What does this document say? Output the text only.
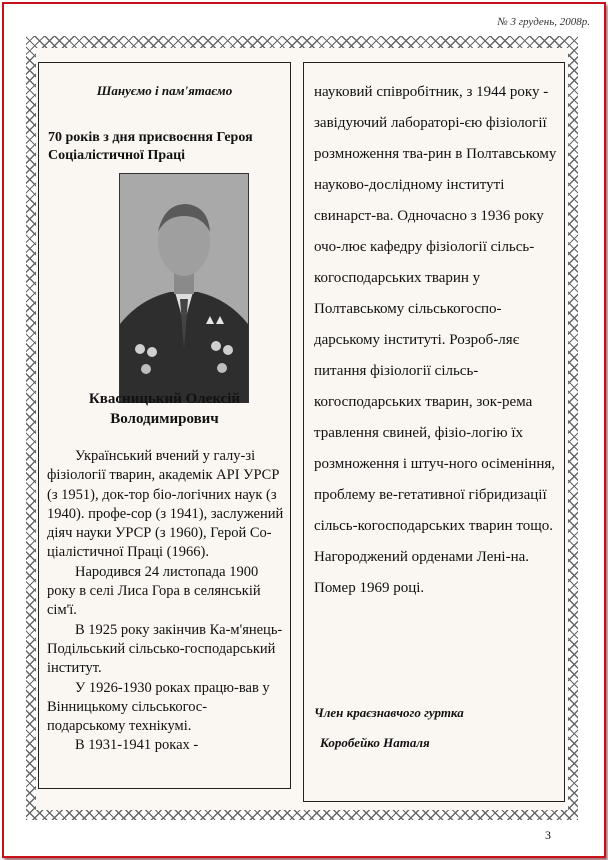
№ 3 грудень, 2008р.
Шануємо і пам'ятаємо
70 років з дня присвоєння Героя Соціалістичної Праці
Квасницький Олексій
Володимирович

Український вчений у галу-зі фізіології тварин, академік АРІ УРСР (з 1951), док-тор біо-логічних наук (з 1940). профе-сор (з 1941), заслужений діяч науки УРСР (з 1960), Герой Со-ціалістичної Праці (1966).

Народився 24 листопада 1900 року в селі Лиса Гора в селянській сім'ї.

В 1925 року закінчив Ка-м'янець-Подільський сільсько-господарський інститут.

У 1926-1930 роках працю-вав у Вінницькому сільськогос-подарському технікумі.

В 1931-1941 роках -

науковий співробітник, з 1944 року - завідуючий лабораторі-єю фізіології розмноження тва-рин в Полтавському науково-дослідному інституті свинарст-ва. Одночасно з 1936 року очо-лює кафедру фізіології сільсь-когосподарських тварин у Полтавському сільськогоспо-дарському інституті. Розроб-ляє питання фізіології сільсь-когосподарських тварин, зок-рема травлення свиней, фізіо-логію їх розмноження і штуч-ного осіменіння, проблему ве-гетативної гібридизації сільсь-когосподарських тварин тощо. Нагороджений орденами Лені-на. Помер 1969 році.

Член краєзнавчого гуртка
Коробейко Наталя
3
